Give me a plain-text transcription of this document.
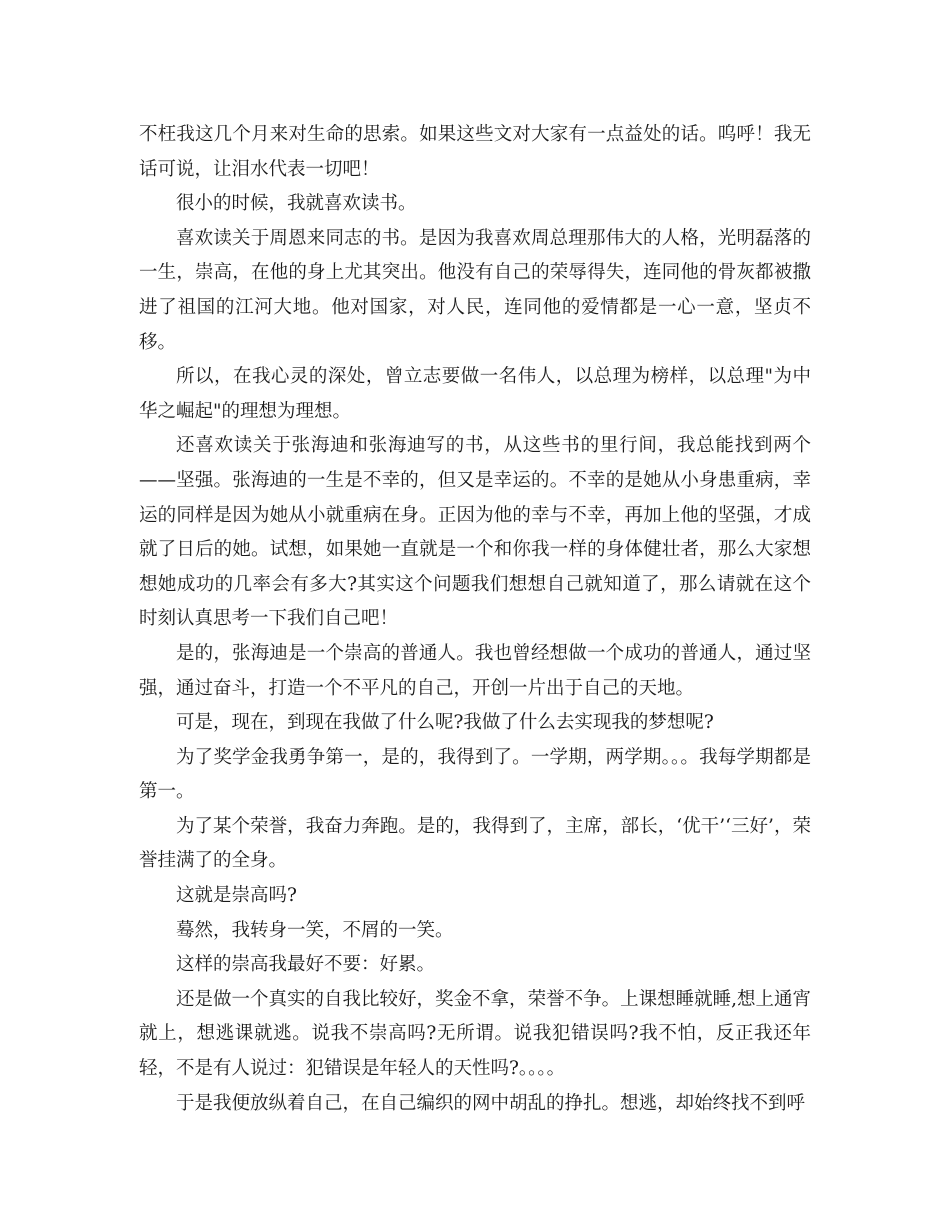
不枉我这几个月来对生命的思索。如果这些文对大家有一点益处的话。呜呼！我无话可说，让泪水代表一切吧！

很小的时候，我就喜欢读书。

喜欢读关于周恩来同志的书。是因为我喜欢周总理那伟大的人格，光明磊落的一生，崇高，在他的身上尤其突出。他没有自己的荣辱得失，连同他的骨灰都被撒进了祖国的江河大地。他对国家，对人民，连同他的爱情都是一心一意，坚贞不移。

所以，在我心灵的深处，曾立志要做一名伟人，以总理为榜样，以总理"为中华之崛起"的理想为理想。

还喜欢读关于张海迪和张海迪写的书，从这些书的里行间，我总能找到两个——坚强。张海迪的一生是不幸的，但又是幸运的。不幸的是她从小身患重病，幸运的同样是因为她从小就重病在身。正因为他的幸与不幸，再加上他的坚强，才成就了日后的她。试想，如果她一直就是一个和你我一样的身体健壮者，那么大家想想她成功的几率会有多大?其实这个问题我们想想自己就知道了，那么请就在这个时刻认真思考一下我们自己吧！

是的，张海迪是一个崇高的普通人。我也曾经想做一个成功的普通人，通过坚强，通过奋斗，打造一个不平凡的自己，开创一片出于自己的天地。

可是，现在，到现在我做了什么呢?我做了什么去实现我的梦想呢?

为了奖学金我勇争第一，是的，我得到了。一学期，两学期。。。我每学期都是第一。

为了某个荣誉，我奋力奔跑。是的，我得到了，主席，部长，‘优干’‘三好’，荣誉挂满了的全身。

这就是崇高吗?

蓦然，我转身一笑，不屑的一笑。

这样的崇高我最好不要：好累。

还是做一个真实的自我比较好，奖金不拿，荣誉不争。上课想睡就睡,想上通宵就上，想逃课就逃。说我不崇高吗?无所谓。说我犯错误吗?我不怕，反正我还年轻，不是有人说过：犯错误是年轻人的天性吗?。。。。

于是我便放纵着自己，在自己编织的网中胡乱的挣扎。想逃，却始终找不到呼
